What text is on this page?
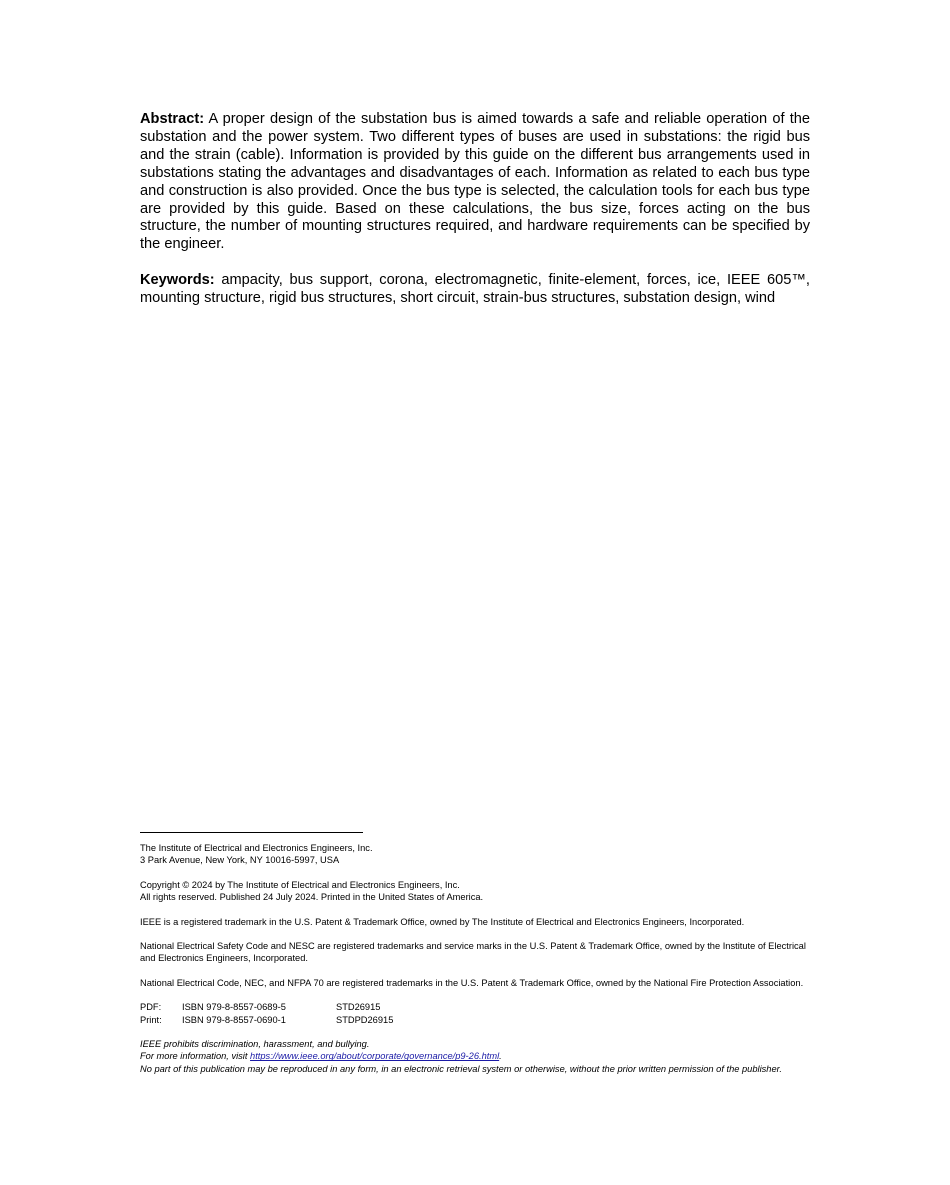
Abstract: A proper design of the substation bus is aimed towards a safe and reliable operation of the substation and the power system. Two different types of buses are used in substations: the rigid bus and the strain (cable). Information is provided by this guide on the different bus arrangements used in substations stating the advantages and disadvantages of each. Information as related to each bus type and construction is also provided. Once the bus type is selected, the calculation tools for each bus type are provided by this guide. Based on these calculations, the bus size, forces acting on the bus structure, the number of mounting structures required, and hardware requirements can be specified by the engineer.

Keywords: ampacity, bus support, corona, electromagnetic, finite-element, forces, ice, IEEE 605™, mounting structure, rigid bus structures, short circuit, strain-bus structures, substation design, wind

The Institute of Electrical and Electronics Engineers, Inc.
3 Park Avenue, New York, NY 10016-5997, USA
Copyright © 2024 by The Institute of Electrical and Electronics Engineers, Inc.
All rights reserved. Published 24 July 2024. Printed in the United States of America.
IEEE is a registered trademark in the U.S. Patent & Trademark Office, owned by The Institute of Electrical and Electronics Engineers, Incorporated.
National Electrical Safety Code and NESC are registered trademarks and service marks in the U.S. Patent & Trademark Office, owned by the Institute of Electrical and Electronics Engineers, Incorporated.
National Electrical Code, NEC, and NFPA 70 are registered trademarks in the U.S. Patent & Trademark Office, owned by the National Fire Protection Association.
PDF:	ISBN 979-8-8557-0689-5	STD26915
Print:	ISBN 979-8-8557-0690-1	STDPD26915
IEEE prohibits discrimination, harassment, and bullying.
For more information, visit https://www.ieee.org/about/corporate/governance/p9-26.html.
No part of this publication may be reproduced in any form, in an electronic retrieval system or otherwise, without the prior written permission of the publisher.
